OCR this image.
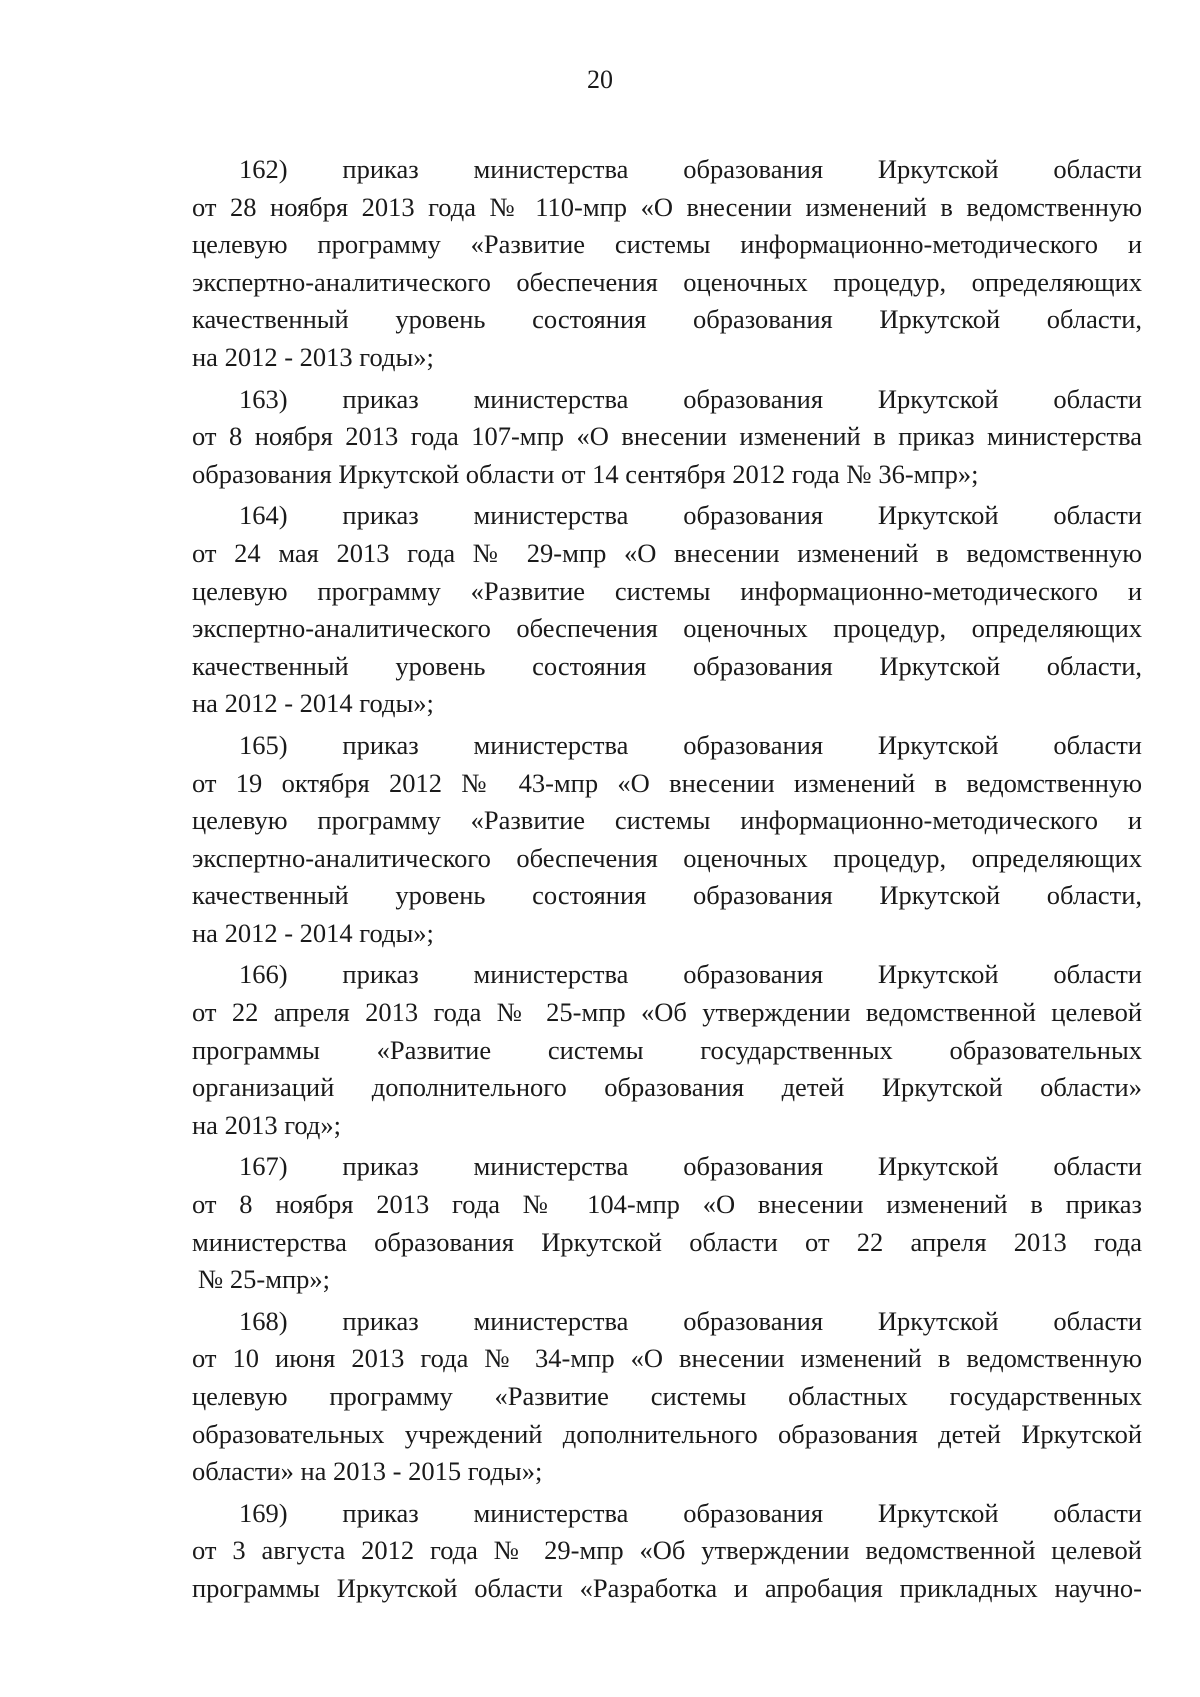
20
162) приказ министерства образования Иркутской области
от 28 ноября 2013 года № 110-мпр «О внесении изменений в ведомственную
целевую программу «Развитие системы информационно-методического и
экспертно-аналитического обеспечения оценочных процедур, определяющих
качественный уровень состояния образования Иркутской области,
на 2012 - 2013 годы»;
163) приказ министерства образования Иркутской области
от 8 ноября 2013 года 107-мпр «О внесении изменений в приказ министерства
образования Иркутской области от 14 сентября 2012 года № 36-мпр»;
164) приказ министерства образования Иркутской области
от 24 мая 2013 года № 29-мпр «О внесении изменений в ведомственную
целевую программу «Развитие системы информационно-методического и
экспертно-аналитического обеспечения оценочных процедур, определяющих
качественный уровень состояния образования Иркутской области,
на 2012 - 2014 годы»;
165) приказ министерства образования Иркутской области
от 19 октября 2012 № 43-мпр «О внесении изменений в ведомственную
целевую программу «Развитие системы информационно-методического и
экспертно-аналитического обеспечения оценочных процедур, определяющих
качественный уровень состояния образования Иркутской области,
на 2012 - 2014 годы»;
166) приказ министерства образования Иркутской области
от 22 апреля 2013 года № 25-мпр «Об утверждении ведомственной целевой
программы «Развитие системы государственных образовательных
организаций дополнительного образования детей Иркутской области»
на 2013 год»;
167) приказ министерства образования Иркутской области
от 8 ноября 2013 года № 104-мпр «О внесении изменений в приказ
министерства образования Иркутской области от 22 апреля 2013 года
№ 25-мпр»;
168) приказ министерства образования Иркутской области
от 10 июня 2013 года № 34-мпр «О внесении изменений в ведомственную
целевую программу «Развитие системы областных государственных
образовательных учреждений дополнительного образования детей Иркутской
области» на 2013 - 2015 годы»;
169) приказ министерства образования Иркутской области
от 3 августа 2012 года № 29-мпр «Об утверждении ведомственной целевой
программы Иркутской области «Разработка и апробация прикладных научно-
